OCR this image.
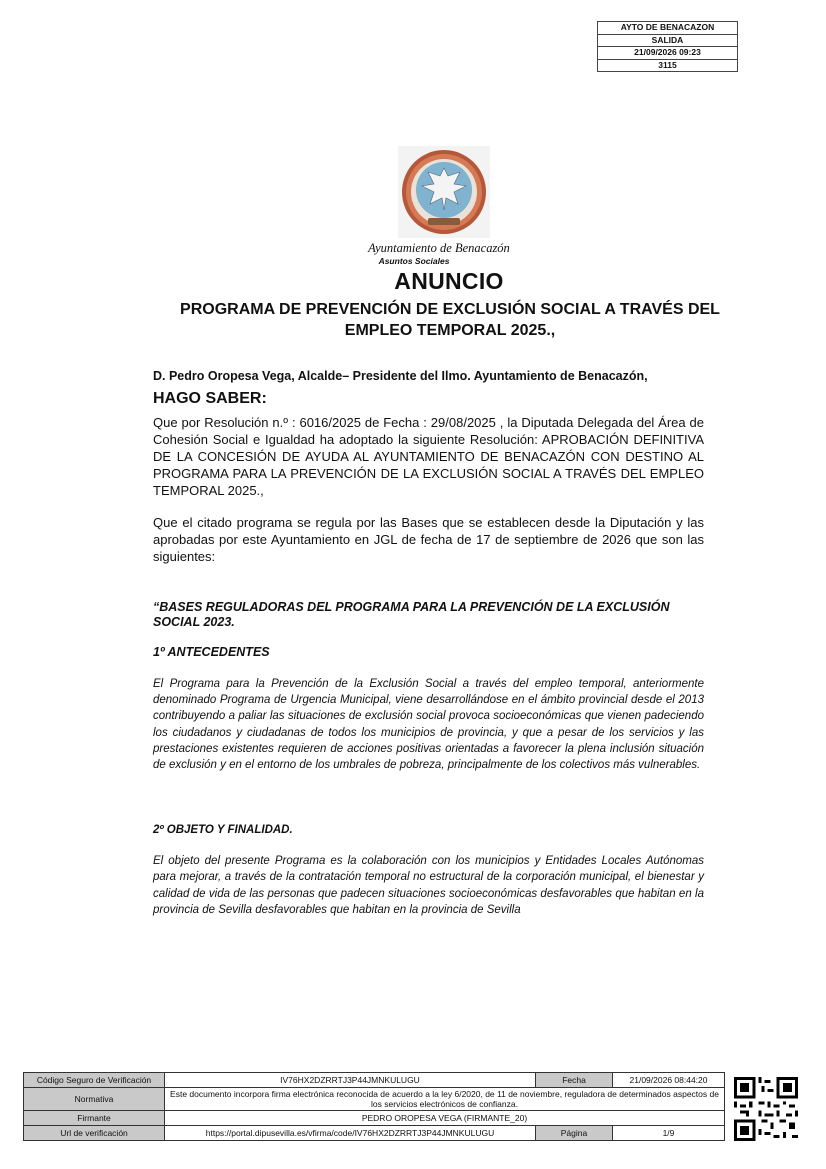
AYTO DE BENACAZON
SALIDA
21/09/2026 09:23
3115
Ayuntamiento de Benacazón
Asuntos Sociales
ANUNCIO
PROGRAMA DE PREVENCIÓN DE EXCLUSIÓN SOCIAL A TRAVÉS DEL EMPLEO TEMPORAL 2025.,
D. Pedro Oropesa Vega, Alcalde– Presidente del Ilmo. Ayuntamiento de Benacazón,
HAGO SABER:
Que por Resolución n.º : 6016/2025 de Fecha : 29/08/2025 , la Diputada Delegada del Área de Cohesión Social e Igualdad ha adoptado la siguiente Resolución: APROBACIÓN DEFINITIVA DE LA CONCESIÓN DE AYUDA AL AYUNTAMIENTO DE BENACAZÓN CON DESTINO AL PROGRAMA PARA LA PREVENCIÓN DE LA EXCLUSIÓN SOCIAL A TRAVÉS DEL EMPLEO TEMPORAL 2025.,
Que el citado programa se regula por las Bases que se establecen desde la Diputación y las aprobadas por este Ayuntamiento en JGL de fecha de 17 de septiembre de 2026 que son las siguientes:
“BASES REGULADORAS DEL PROGRAMA PARA LA PREVENCIÓN DE LA EXCLUSIÓN SOCIAL 2023.
1º ANTECEDENTES
El Programa para la Prevención de la Exclusión Social a través del empleo temporal, anteriormente denominado Programa de Urgencia Municipal, viene desarrollándose en el ámbito provincial desde el 2013 contribuyendo a paliar las situaciones de exclusión social provoca socioeconómicas que vienen padeciendo los ciudadanos y ciudadanas de todos los municipios de provincia, y que a pesar de los servicios y las prestaciones existentes requieren de acciones positivas orientadas a favorecer la plena inclusión situación de exclusión y en el entorno de los umbrales de pobreza, principalmente de los colectivos más vulnerables.
2º OBJETO Y FINALIDAD.
El objeto del presente Programa es la colaboración con los municipios y Entidades Locales Autónomas para mejorar, a través de la contratación temporal no estructural de la corporación municipal, el bienestar y calidad de vida de las personas que padecen situaciones socioeconómicas desfavorables que habitan en la provincia de Sevilla desfavorables que habitan en la provincia de Sevilla
Código Seguro de Verificación	IV76HX2DZRRTJ3P44JMNKULUGU	Fecha	21/09/2026 08:44:20
Normativa	Este documento incorpora firma electrónica reconocida de acuerdo a la ley 6/2020, de 11 de noviembre, reguladora de determinados aspectos de los servicios electrónicos de confianza.		
Firmante	PEDRO OROPESA VEGA (FIRMANTE_20)		
Url de verificación	https://portal.dipusevilla.es/vfirma/code/IV76HX2DZRRTJ3P44JMNKULUGU	Página	1/9
